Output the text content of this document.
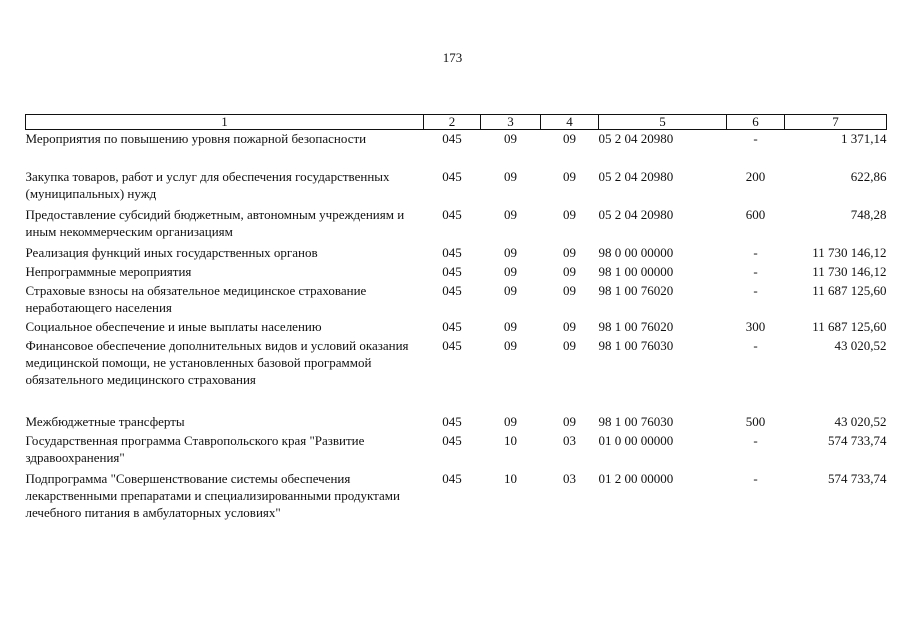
173
1	2	3	4	5	6	7
Мероприятия по повышению уровня пожарной безопасности	045	09	09	05 2 04 20980	-	1 371,14
Закупка товаров, работ и услуг для обеспечения государственных (муниципальных) нужд	045	09	09	05 2 04 20980	200	622,86
Предоставление субсидий бюджетным, автономным учреждениям и иным некоммерческим организациям	045	09	09	05 2 04 20980	600	748,28
Реализация функций иных государственных органов	045	09	09	98 0 00 00000	-	11 730 146,12
Непрограммные мероприятия	045	09	09	98 1 00 00000	-	11 730 146,12
Страховые взносы на обязательное медицинское страхование неработающего населения	045	09	09	98 1 00 76020	-	11 687 125,60
Социальное обеспечение и иные выплаты населению	045	09	09	98 1 00 76020	300	11 687 125,60
Финансовое обеспечение дополнительных видов и условий оказания медицинской помощи, не установленных базовой программой обязательного медицинского страхования	045	09	09	98 1 00 76030	-	43 020,52
Межбюджетные трансферты	045	09	09	98 1 00 76030	500	43 020,52
Государственная программа Ставропольского края "Развитие здравоохранения"	045	10	03	01 0 00 00000	-	574 733,74
Подпрограмма "Совершенствование системы обеспечения лекарственными препаратами и специализированными продуктами лечебного питания в амбулаторных условиях"	045	10	03	01 2 00 00000	-	574 733,74
